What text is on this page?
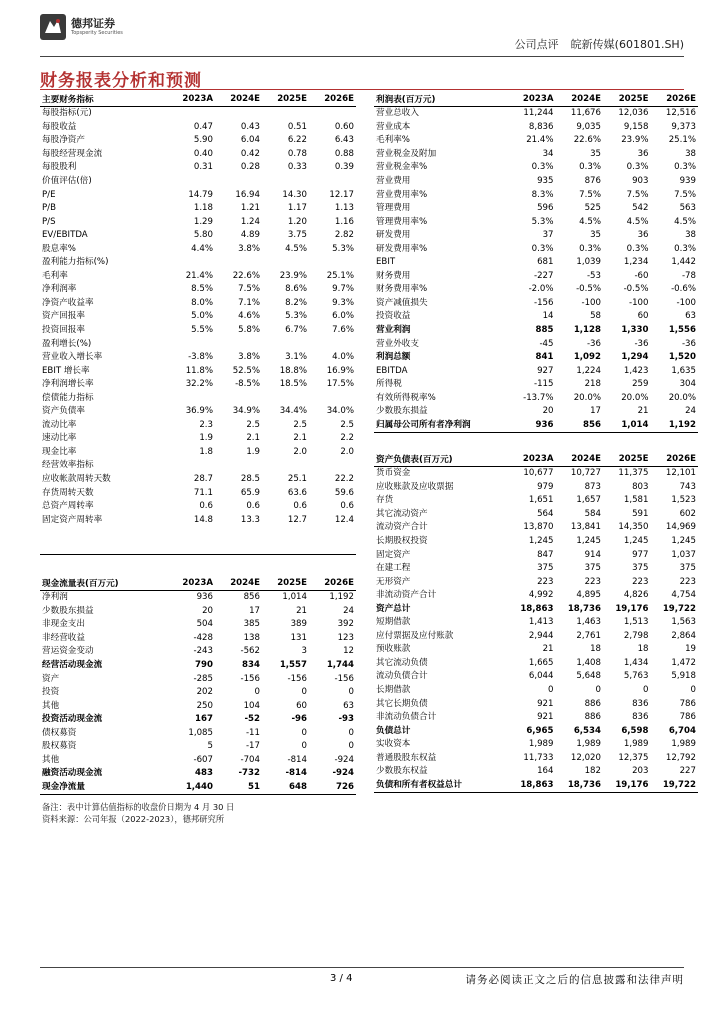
德邦证券
Topsperity Securities
公司点评 皖新传媒(601801.SH)
财务报表分析和预测
主要财务指标	2023A	2024E	2025E	2026E
每股指标(元)				
每股收益	0.47	0.43	0.51	0.60
每股净资产	5.90	6.04	6.22	6.43
每股经营现金流	0.40	0.42	0.78	0.88
每股股利	0.31	0.28	0.33	0.39
价值评估(倍)				
P/E	14.79	16.94	14.30	12.17
P/B	1.18	1.21	1.17	1.13
P/S	1.29	1.24	1.20	1.16
EV/EBITDA	5.80	4.89	3.75	2.82
股息率%	4.4%	3.8%	4.5%	5.3%
盈利能力指标(%)				
毛利率	21.4%	22.6%	23.9%	25.1%
净利润率	8.5%	7.5%	8.6%	9.7%
净资产收益率	8.0%	7.1%	8.2%	9.3%
资产回报率	5.0%	4.6%	5.3%	6.0%
投资回报率	5.5%	5.8%	6.7%	7.6%
盈利增长(%)				
营业收入增长率	-3.8%	3.8%	3.1%	4.0%
EBIT 增长率	11.8%	52.5%	18.8%	16.9%
净利润增长率	32.2%	-8.5%	18.5%	17.5%
偿债能力指标				
资产负债率	36.9%	34.9%	34.4%	34.0%
流动比率	2.3	2.5	2.5	2.5
速动比率	1.9	2.1	2.1	2.2
现金比率	1.8	1.9	2.0	2.0
经营效率指标				
应收帐款周转天数	28.7	28.5	25.1	22.2
存货周转天数	71.1	65.9	63.6	59.6
总资产周转率	0.6	0.6	0.6	0.6
固定资产周转率	14.8	13.3	12.7	12.4

利润表(百万元)	2023A	2024E	2025E	2026E
营业总收入	11,244	11,676	12,036	12,516
营业成本	8,836	9,035	9,158	9,373
毛利率%	21.4%	22.6%	23.9%	25.1%
营业税金及附加	34	35	36	38
营业税金率%	0.3%	0.3%	0.3%	0.3%
营业费用	935	876	903	939
营业费用率%	8.3%	7.5%	7.5%	7.5%
管理费用	596	525	542	563
管理费用率%	5.3%	4.5%	4.5%	4.5%
研发费用	37	35	36	38
研发费用率%	0.3%	0.3%	0.3%	0.3%
EBIT	681	1,039	1,234	1,442
财务费用	-227	-53	-60	-78
财务费用率%	-2.0%	-0.5%	-0.5%	-0.6%
资产减值损失	-156	-100	-100	-100
投资收益	14	58	60	63
营业利润	885	1,128	1,330	1,556
营业外收支	-45	-36	-36	-36
利润总额	841	1,092	1,294	1,520
EBITDA	927	1,224	1,423	1,635
所得税	-115	218	259	304
有效所得税率%	-13.7%	20.0%	20.0%	20.0%
少数股东损益	20	17	21	24
归属母公司所有者净利润	936	856	1,014	1,192
资产负债表(百万元)	2023A	2024E	2025E	2026E
货币资金	10,677	10,727	11,375	12,101
应收账款及应收票据	979	873	803	743
存货	1,651	1,657	1,581	1,523
其它流动资产	564	584	591	602
流动资产合计	13,870	13,841	14,350	14,969
长期股权投资	1,245	1,245	1,245	1,245
固定资产	847	914	977	1,037
在建工程	375	375	375	375
无形资产	223	223	223	223
非流动资产合计	4,992	4,895	4,826	4,754
资产总计	18,863	18,736	19,176	19,722
短期借款	1,413	1,463	1,513	1,563
应付票据及应付账款	2,944	2,761	2,798	2,864
预收账款	21	18	18	19
其它流动负债	1,665	1,408	1,434	1,472
流动负债合计	6,044	5,648	5,763	5,918
长期借款	0	0	0	0
其它长期负债	921	886	836	786
非流动负债合计	921	886	836	786
负债总计	6,965	6,534	6,598	6,704
实收资本	1,989	1,989	1,989	1,989
普通股股东权益	11,733	12,020	12,375	12,792
少数股东权益	164	182	203	227
负债和所有者权益总计	18,863	18,736	19,176	19,722
现金流量表(百万元)	2023A	2024E	2025E	2026E
净利润	936	856	1,014	1,192
少数股东损益	20	17	21	24
非现金支出	504	385	389	392
非经营收益	-428	138	131	123
营运资金变动	-243	-562	3	12
经营活动现金流	790	834	1,557	1,744
资产	-285	-156	-156	-156
投资	202	0	0	0
其他	250	104	60	63
投资活动现金流	167	-52	-96	-93
债权募资	1,085	-11	0	0
股权募资	5	-17	0	0
其他	-607	-704	-814	-924
融资活动现金流	483	-732	-814	-924
现金净流量	1,440	51	648	726
备注：表中计算估值指标的收盘价日期为 4 月 30 日
资料来源：公司年报（2022-2023），德邦研究所
3 / 4	请务必阅读正文之后的信息披露和法律声明
